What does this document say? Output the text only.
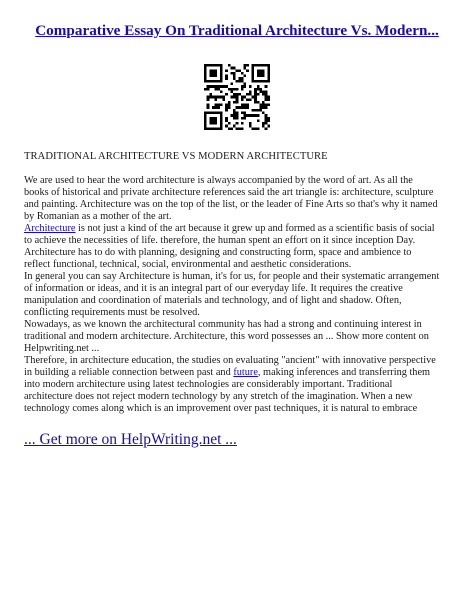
Comparative Essay On Traditional Architecture Vs. Modern...
TRADITIONAL ARCHITECTURE VS MODERN ARCHITECTURE
We are used to hear the word architecture is always accompanied by the word of art. As all the
books of historical and private architecture references said the art triangle is: architecture, sculpture
and painting. Architecture was on the top of the list, or the leader of Fine Arts so that's why it named
by Romanian as a mother of the art.
Architecture is not just a kind of the art because it grew up and formed as a scientific basis of social
to achieve the necessities of life. therefore, the human spent an effort on it since inception Day.
Architecture has to do with planning, designing and constructing form, space and ambience to
reflect functional, technical, social, environmental and aesthetic considerations.
In general you can say Architecture is human, it's for us, for people and their systematic arrangement
of information or ideas, and it is an integral part of our everyday life. It requires the creative
manipulation and coordination of materials and technology, and of light and shadow. Often,
conflicting requirements must be resolved.
Nowadays, as we known the architectural community has had a strong and continuing interest in
traditional and modern architecture. Architecture, this word possesses an ... Show more content on
Helpwriting.net ...
Therefore, in architecture education, the studies on evaluating "ancient" with innovative perspective
in building a reliable connection between past and future, making inferences and transferring them
into modern architecture using latest technologies are considerably important. Traditional
architecture does not reject modern technology by any stretch of the imagination. When a new
technology comes along which is an improvement over past techniques, it is natural to embrace
... Get more on HelpWriting.net ...
